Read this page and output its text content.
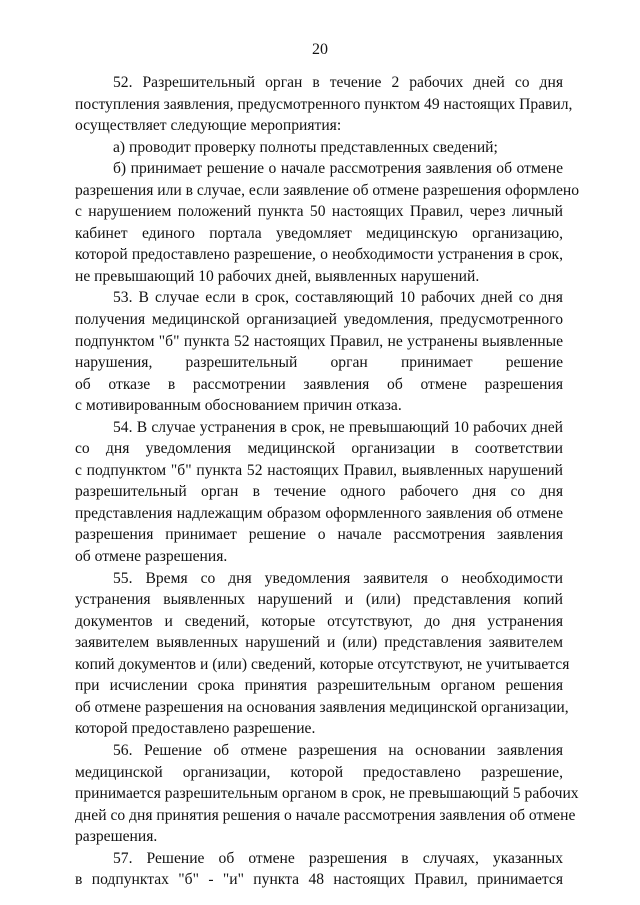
20
52. Разрешительный орган в течение 2 рабочих дней со дня
поступления заявления, предусмотренного пунктом 49 настоящих Правил,
осуществляет следующие мероприятия:
а) проводит проверку полноты представленных сведений;
б) принимает решение о начале рассмотрения заявления об отмене
разрешения или в случае, если заявление об отмене разрешения оформлено
с нарушением положений пункта 50 настоящих Правил, через личный
кабинет единого портала уведомляет медицинскую организацию,
которой предоставлено разрешение, о необходимости устранения в срок,
не превышающий 10 рабочих дней, выявленных нарушений.
53. В случае если в срок, составляющий 10 рабочих дней со дня
получения медицинской организацией уведомления, предусмотренного
подпунктом "б" пункта 52 настоящих Правил, не устранены выявленные
нарушения, разрешительный орган принимает решение
об отказе в рассмотрении заявления об отмене разрешения
с мотивированным обоснованием причин отказа.
54. В случае устранения в срок, не превышающий 10 рабочих дней
со дня уведомления медицинской организации в соответствии
с подпунктом "б" пункта 52 настоящих Правил, выявленных нарушений
разрешительный орган в течение одного рабочего дня со дня
представления надлежащим образом оформленного заявления об отмене
разрешения принимает решение о начале рассмотрения заявления
об отмене разрешения.
55. Время со дня уведомления заявителя о необходимости
устранения выявленных нарушений и (или) представления копий
документов и сведений, которые отсутствуют, до дня устранения
заявителем выявленных нарушений и (или) представления заявителем
копий документов и (или) сведений, которые отсутствуют, не учитывается
при исчислении срока принятия разрешительным органом решения
об отмене разрешения на основания заявления медицинской организации,
которой предоставлено разрешение.
56. Решение об отмене разрешения на основании заявления
медицинской организации, которой предоставлено разрешение,
принимается разрешительным органом в срок, не превышающий 5 рабочих
дней со дня принятия решения о начале рассмотрения заявления об отмене
разрешения.
57. Решение об отмене разрешения в случаях, указанных
в подпунктах "б" - "и" пункта 48 настоящих Правил, принимается
